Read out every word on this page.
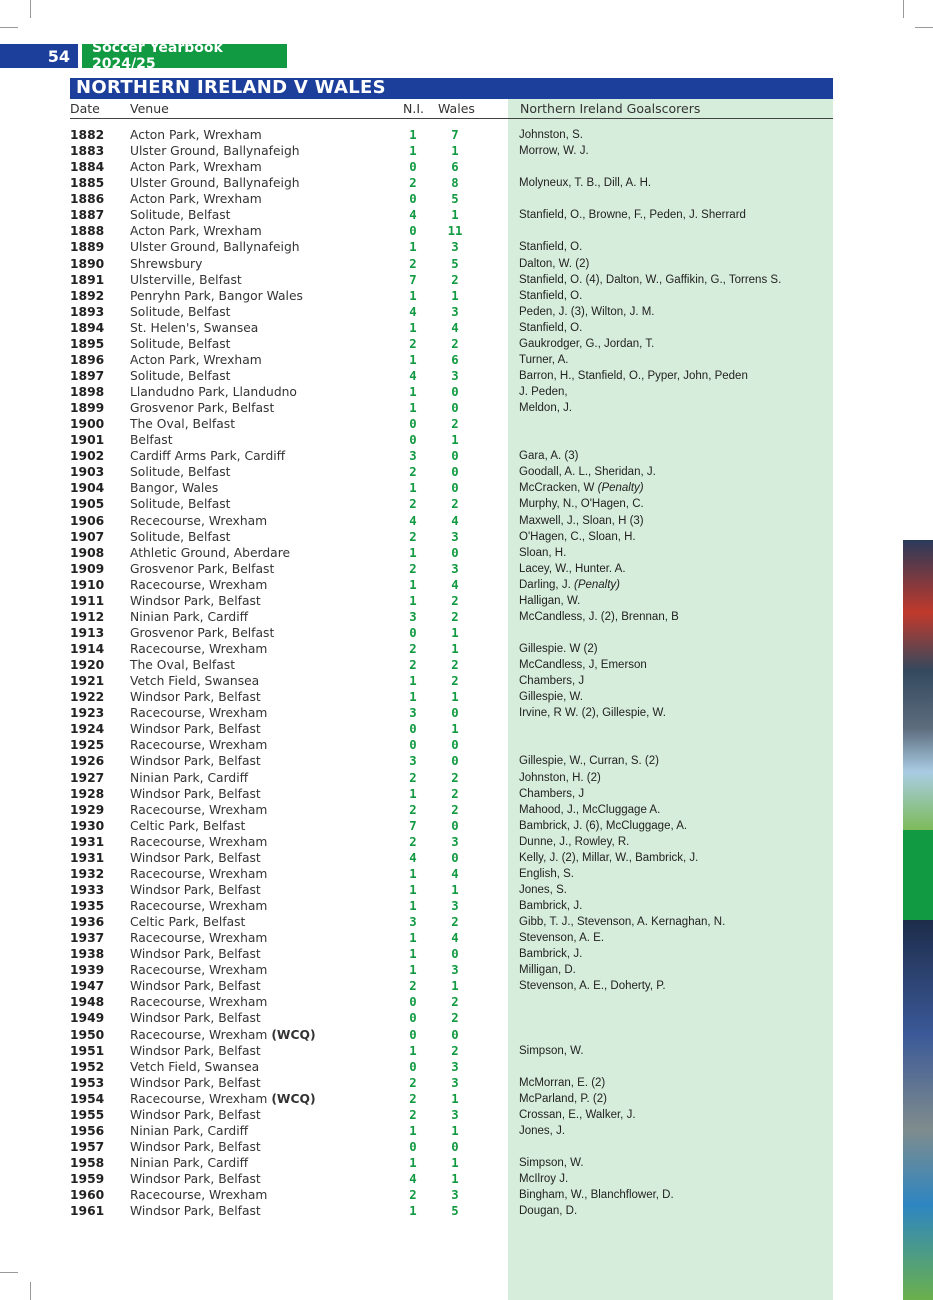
54	Soccer Yearbook 2024/25
NORTHERN IRELAND V WALES
Date Venue	N.I. Wales	Northern Ireland Goalscorers
1882 Acton Park, Wrexham	1	7	Johnston, S.
1883 Ulster Ground, Ballynafeigh	1	1	Morrow, W. J.
1884 Acton Park, Wrexham	0	6
1885 Ulster Ground, Ballynafeigh	2	8	Molyneux, T. B., Dill, A. H.
1886 Acton Park, Wrexham	0	5
1887 Solitude, Belfast	4	1	Stanfield, O., Browne, F., Peden, J. Sherrard
1888 Acton Park, Wrexham	0	11
1889 Ulster Ground, Ballynafeigh	1	3	Stanfield, O.
1890 Shrewsbury	2	5	Dalton, W. (2)
1891 Ulsterville, Belfast	7	2	Stanfield, O. (4), Dalton, W., Gaffikin, G., Torrens S.
1892 Penryhn Park, Bangor Wales	1	1	Stanfield, O.
1893 Solitude, Belfast	4	3	Peden, J. (3), Wilton, J. M.
1894 St. Helen's, Swansea	1	4	Stanfield, O.
1895 Solitude, Belfast	2	2	Gaukrodger, G., Jordan, T.
1896 Acton Park, Wrexham	1	6	Turner, A.
1897 Solitude, Belfast	4	3	Barron, H., Stanfield, O., Pyper, John, Peden
1898 Llandudno Park, Llandudno	1	0	J. Peden,
1899 Grosvenor Park, Belfast	1	0	Meldon, J.
1900 The Oval, Belfast	0	2
1901 Belfast	0	1
1902 Cardiff Arms Park, Cardiff	3	0	Gara, A. (3)
1903 Solitude, Belfast	2	0	Goodall, A. L., Sheridan, J.
1904 Bangor, Wales	1	0	McCracken, W (Penalty)
1905 Solitude, Belfast	2	2	Murphy, N., O'Hagen, C.
1906 Rececourse, Wrexham	4	4	Maxwell, J., Sloan, H (3)
1907 Solitude, Belfast	2	3	O'Hagen, C., Sloan, H.
1908 Athletic Ground, Aberdare	1	0	Sloan, H.
1909 Grosvenor Park, Belfast	2	3	Lacey, W., Hunter. A.
1910 Racecourse, Wrexham	1	4	Darling, J. (Penalty)
1911 Windsor Park, Belfast	1	2	Halligan, W.
1912 Ninian Park, Cardiff	3	2	McCandless, J. (2), Brennan, B
1913 Grosvenor Park, Belfast	0	1
1914 Racecourse, Wrexham	2	1	Gillespie. W (2)
1920 The Oval, Belfast	2	2	McCandless, J, Emerson
1921 Vetch Field, Swansea	1	2	Chambers, J
1922 Windsor Park, Belfast	1	1	Gillespie, W.
1923 Racecourse, Wrexham	3	0	Irvine, R W. (2), Gillespie, W.
1924 Windsor Park, Belfast	0	1
1925 Racecourse, Wrexham	0	0
1926 Windsor Park, Belfast	3	0	Gillespie, W., Curran, S. (2)
1927 Ninian Park, Cardiff	2	2	Johnston, H. (2)
1928 Windsor Park, Belfast	1	2	Chambers, J
1929 Racecourse, Wrexham	2	2	Mahood, J., McCluggage A.
1930 Celtic Park, Belfast	7	0	Bambrick, J. (6), McCluggage, A.
1931 Racecourse, Wrexham	2	3	Dunne, J., Rowley, R.
1931 Windsor Park, Belfast	4	0	Kelly, J. (2), Millar, W., Bambrick, J.
1932 Racecourse, Wrexham	1	4	English, S.
1933 Windsor Park, Belfast	1	1	Jones, S.
1935 Racecourse, Wrexham	1	3	Bambrick, J.
1936 Celtic Park, Belfast	3	2	Gibb, T. J., Stevenson, A. Kernaghan, N.
1937 Racecourse, Wrexham	1	4	Stevenson, A. E.
1938 Windsor Park, Belfast	1	0	Bambrick, J.
1939 Racecourse, Wrexham	1	3	Milligan, D.
1947 Windsor Park, Belfast	2	1	Stevenson, A. E., Doherty, P.
1948 Racecourse, Wrexham	0	2
1949 Windsor Park, Belfast	0	2
1950 Racecourse, Wrexham (WCQ)	0	0
1951 Windsor Park, Belfast	1	2	Simpson, W.
1952 Vetch Field, Swansea	0	3
1953 Windsor Park, Belfast	2	3	McMorran, E. (2)
1954 Racecourse, Wrexham (WCQ)	2	1	McParland, P. (2)
1955 Windsor Park, Belfast	2	3	Crossan, E., Walker, J.
1956 Ninian Park, Cardiff	1	1	Jones, J.
1957 Windsor Park, Belfast	0	0
1958 Ninian Park, Cardiff	1	1	Simpson, W.
1959 Windsor Park, Belfast	4	1	McIlroy J.
1960 Racecourse, Wrexham	2	3	Bingham, W., Blanchflower, D.
1961 Windsor Park, Belfast	1	5	Dougan, D.
